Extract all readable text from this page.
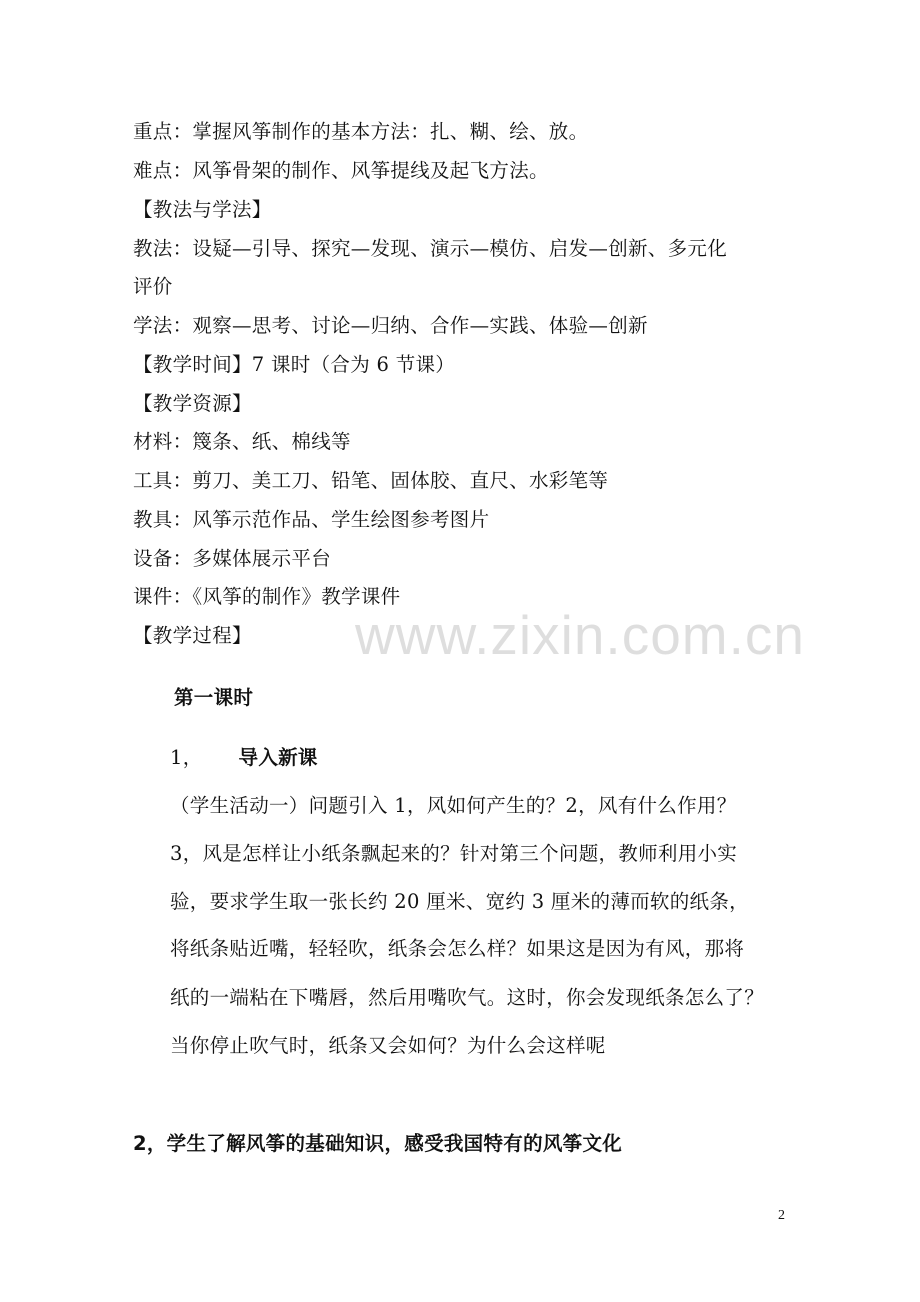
重点：掌握风筝制作的基本方法：扎、糊、绘、放。
难点：风筝骨架的制作、风筝提线及起飞方法。
【教法与学法】
教法：设疑—引导、探究—发现、演示—模仿、启发—创新、多元化
评价
学法：观察—思考、讨论—归纳、合作—实践、体验—创新
【教学时间】7 课时（合为 6 节课）
【教学资源】
材料：篾条、纸、棉线等
工具：剪刀、美工刀、铅笔、固体胶、直尺、水彩笔等
教具：风筝示范作品、学生绘图参考图片
设备：多媒体展示平台
课件：《风筝的制作》教学课件
【教学过程】
第一课时
1， 导入新课
（学生活动一）问题引入 1，风如何产生的？2，风有什么作用？
3，风是怎样让小纸条飘起来的？针对第三个问题，教师利用小实
验，要求学生取一张长约 20 厘米、宽约 3 厘米的薄而软的纸条，
将纸条贴近嘴，轻轻吹，纸条会怎么样？如果这是因为有风，那将
纸的一端粘在下嘴唇，然后用嘴吹气。这时，你会发现纸条怎么了？
当你停止吹气时，纸条又会如何？为什么会这样呢
2，学生了解风筝的基础知识，感受我国特有的风筝文化
www.zixin.com.cn
2
